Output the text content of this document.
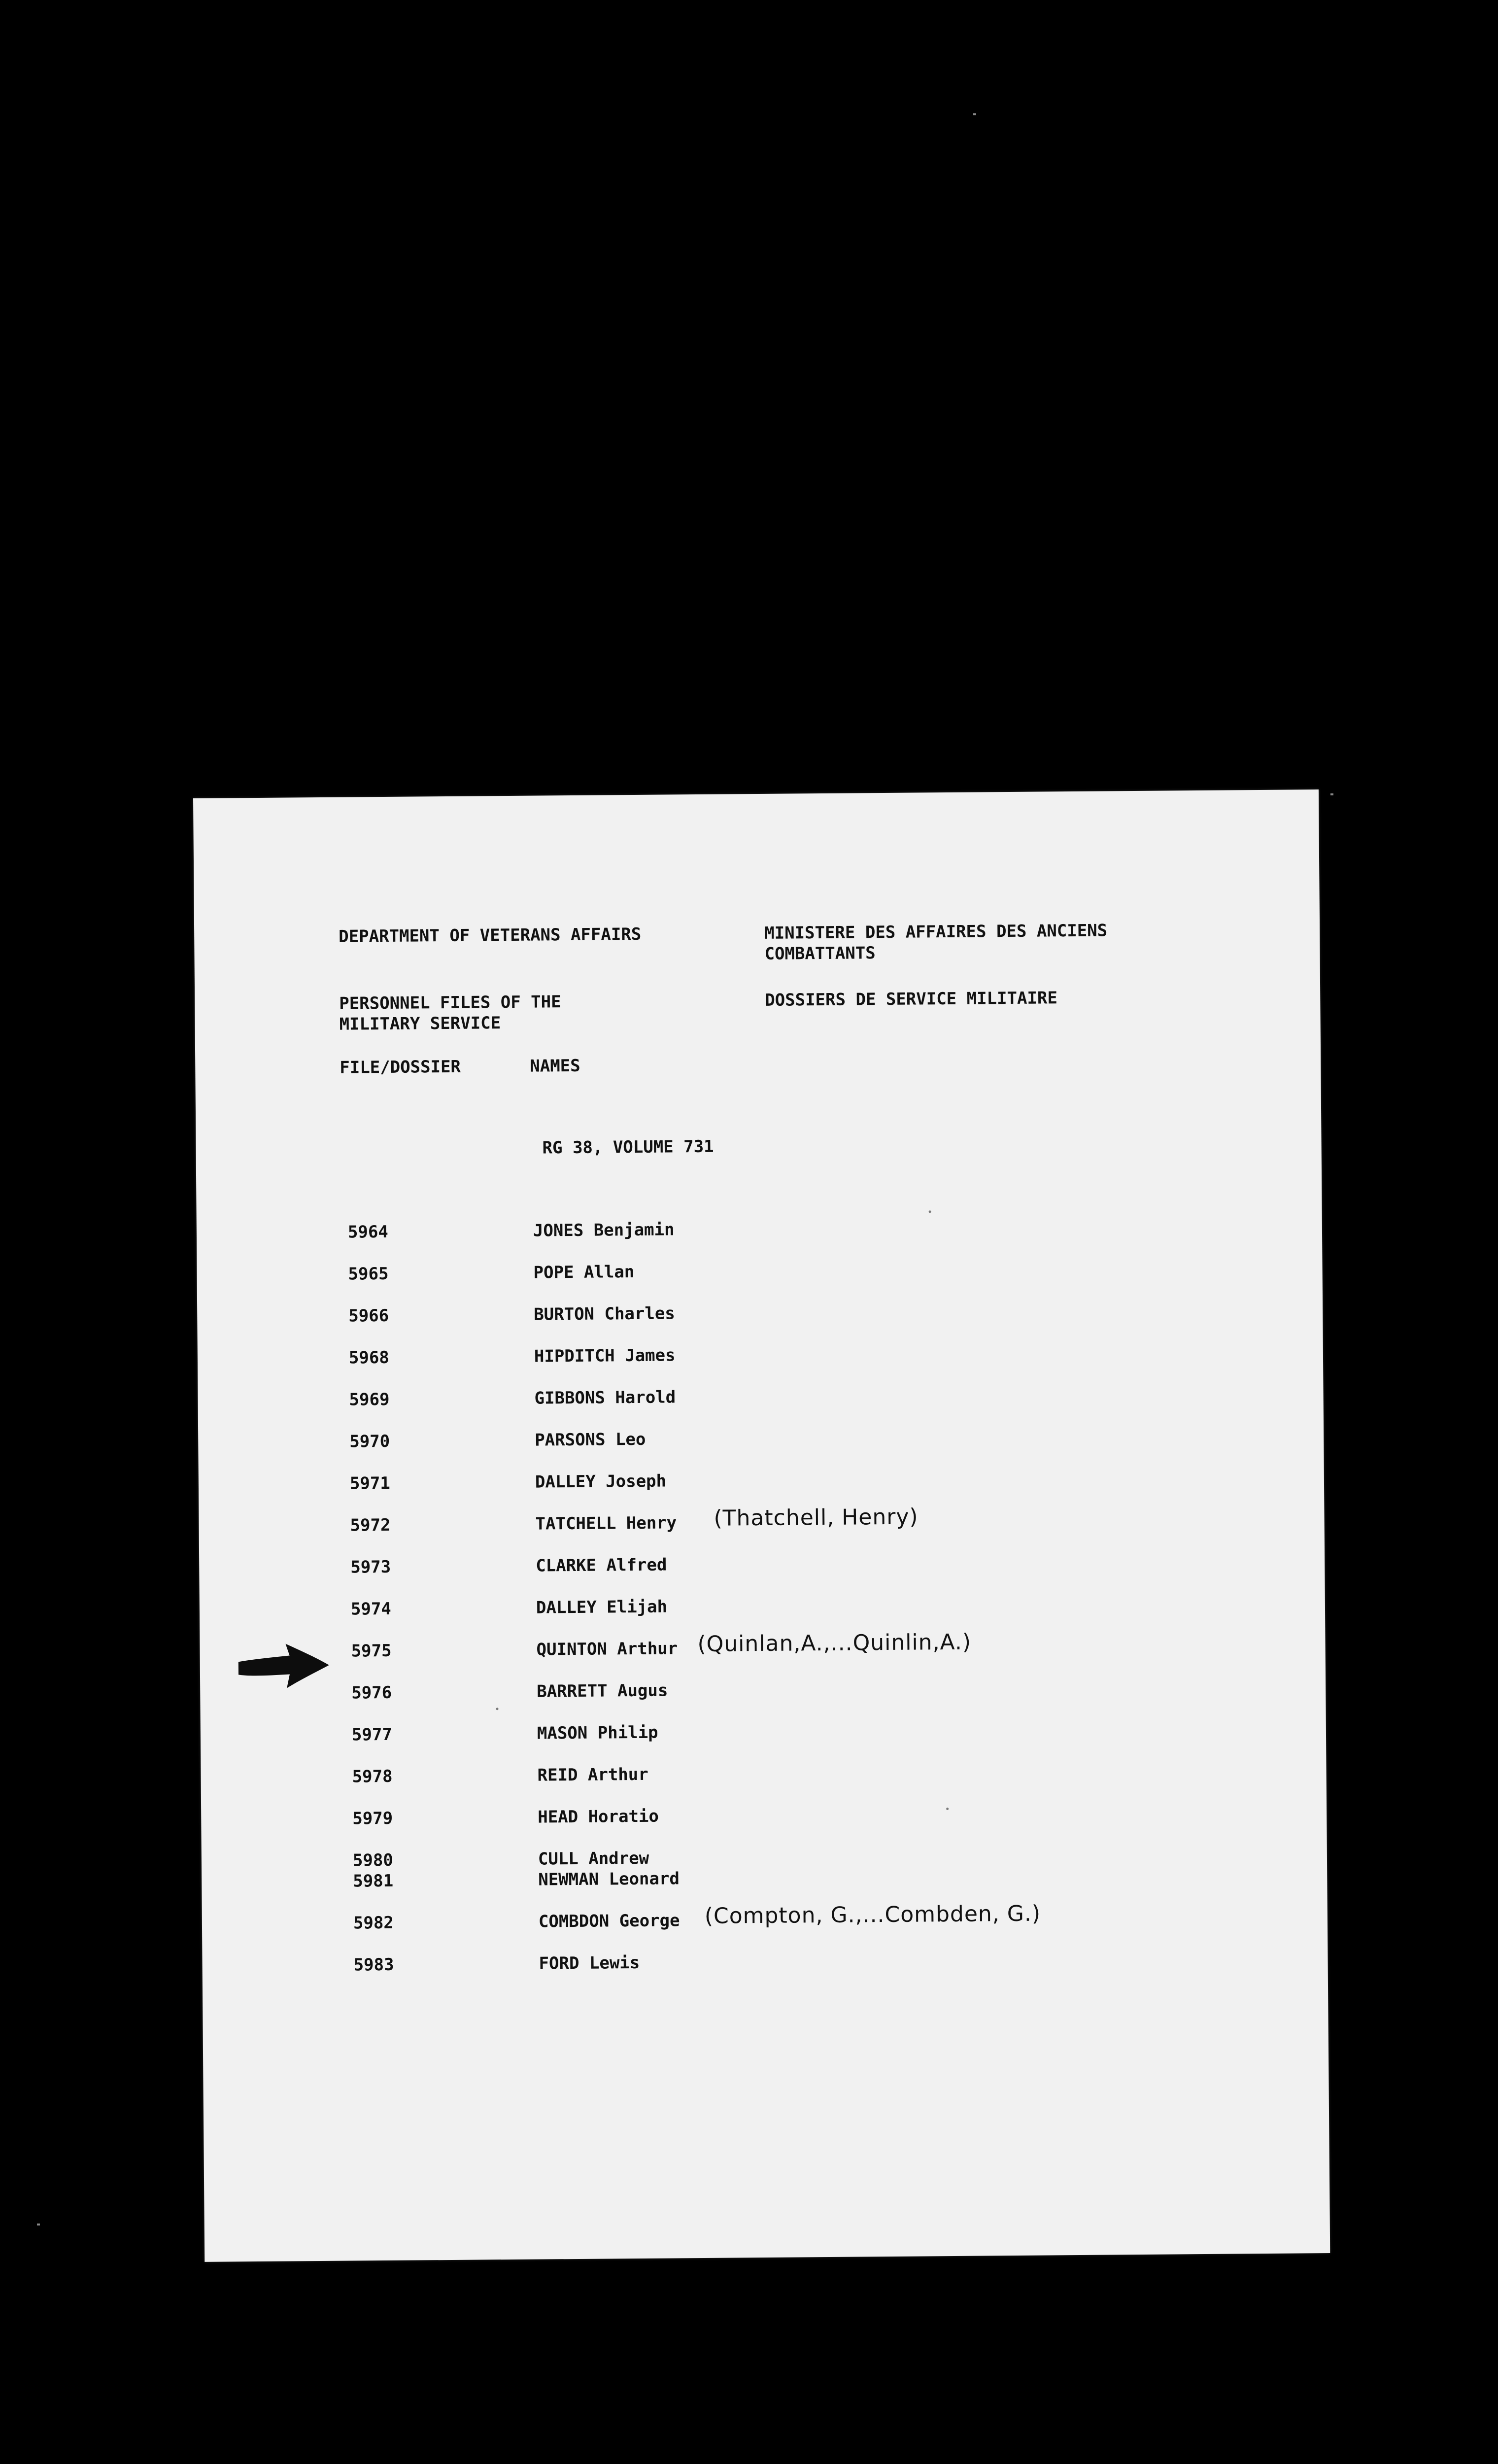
DEPARTMENT OF VETERANS AFFAIRS	MINISTERE DES AFFAIRES DES ANCIENS
COMBATTANTS
PERSONNEL FILES OF THE
MILITARY SERVICE
DOSSIERS DE SERVICE MILITAIRE
FILE/DOSSIER	NAMES
RG 38, VOLUME 731
5964	JONES Benjamin
5965	POPE Allan
5966	BURTON Charles
5968	HIPDITCH James
5969	GIBBONS Harold
5970	PARSONS Leo
5971	DALLEY Joseph
5972	TATCHELL Henry (Thatchell, Henry)
5973	CLARKE Alfred
5974	DALLEY Elijah
5975	QUINTON Arthur (Quinlan,A.,...Quinlin,A.)
5976	BARRETT Augus
5977	MASON Philip
5978	REID Arthur
5979	HEAD Horatio
5980	CULL Andrew
5981	NEWMAN Leonard
5982	COMBDON George (Compton, G.,...Combden, G.)
5983	FORD Lewis
